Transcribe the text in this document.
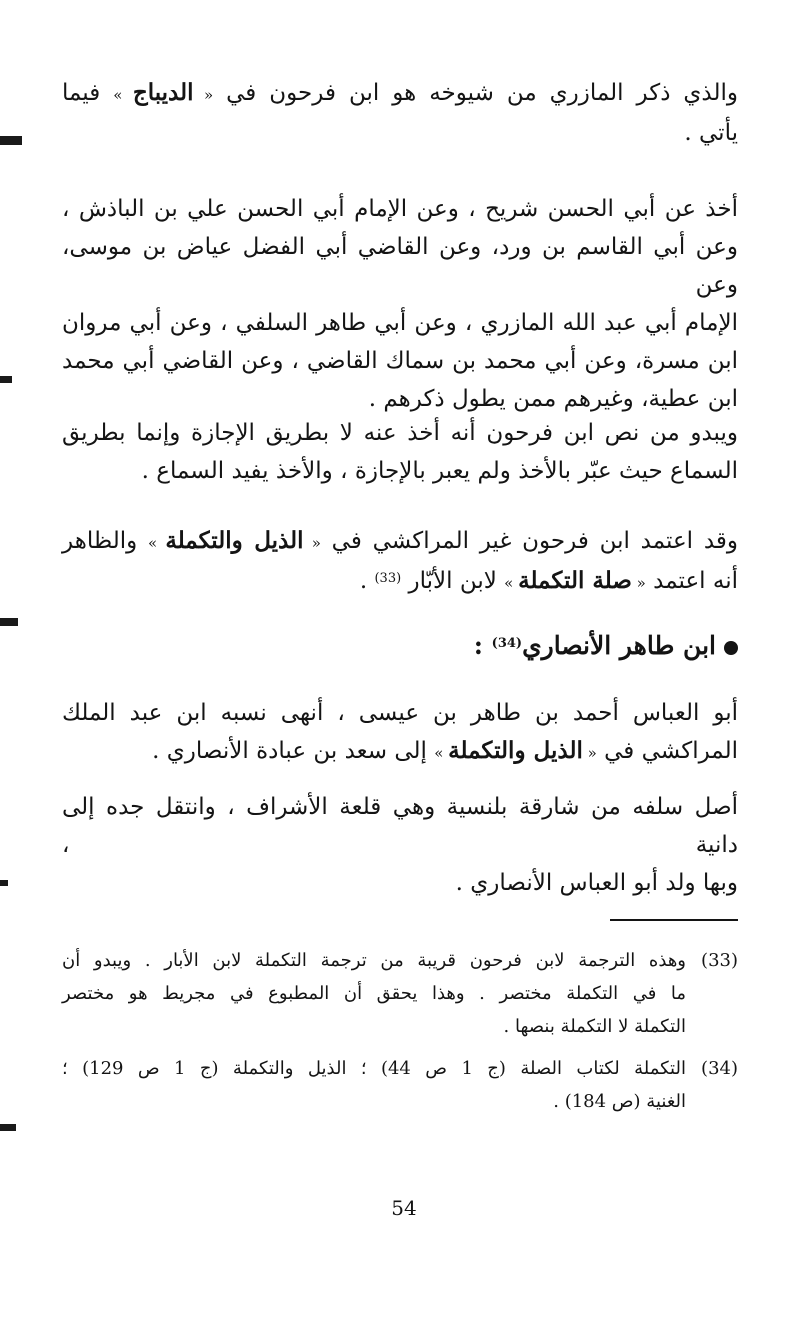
والذي ذكر المازري من شيوخه هو ابن فرحون في « الديباج » فيما
يأتي .
أخذ عن أبي الحسن شريح ، وعن الإمام أبي الحسن علي بن الباذش ،
وعن أبي القاسم بن ورد، وعن القاضي أبي الفضل عياض بن موسى، وعن
الإمام أبي عبد الله المازري ، وعن أبي طاهر السلفي ، وعن أبي مروان
ابن مسرة، وعن أبي محمد بن سماك القاضي ، وعن القاضي أبي محمد
ابن عطية، وغيرهم ممن يطول ذكرهم .
ويبدو من نص ابن فرحون أنه أخذ عنه لا بطريق الإجازة وإنما بطريق
السماع حيث عبّر بالأخذ ولم يعبر بالإجازة ، والأخذ يفيد السماع .
وقد اعتمد ابن فرحون غير المراكشي في « الذيل والتكملة » والظاهر
أنه اعتمد « صلة التكملة » لابن الأبّار $^{(33)}$ .
ابن طاهر الأنصاري$^{(34)}$ :
أبو العباس أحمد بن طاهر بن عيسى ، أنهى نسبه ابن عبد الملك
المراكشي في « الذيل والتكملة » إلى سعد بن عبادة الأنصاري .
أصل سلفه من شارقة بلنسية وهي قلعة الأشراف ، وانتقل جده إلى دانية ،
وبها ولد أبو العباس الأنصاري .
(33)
وهذه الترجمة لابن فرحون قريبة من ترجمة التكملة لابن الأبار . ويبدو أن
ما في التكملة مختصر . وهذا يحقق أن المطبوع في مجريط هو مختصر
التكملة لا التكملة بنصها .
(34)
التكملة لكتاب الصلة (ج 1 ص 44) ؛ الذيل والتكملة (ج 1 ص 129) ؛
الغنية (ص 184) .
54
